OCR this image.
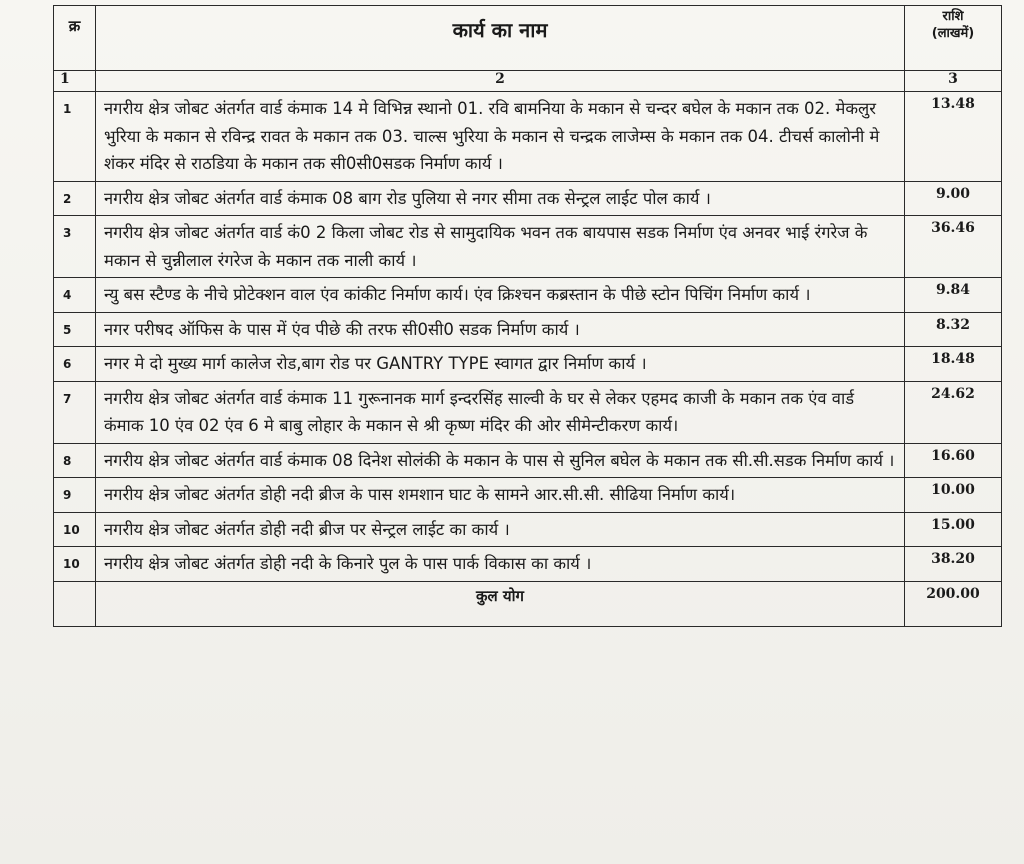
क्र	कार्य का नाम	राशि
(लाखमें)

1	2	3
1	नगरीय क्षेत्र जोबट अंतर्गत वार्ड कंमाक 14 मे विभिन्न स्थानो 01. रवि बामनिया के मकान से चन्दर बघेल के मकान तक 02. मेकलुर भुरिया के मकान से रविन्द्र रावत के मकान तक 03. चाल्स भुरिया के मकान से चन्द्रक लाजेम्स के मकान तक 04. टीचर्स कालोनी मे शंकर मंदिर से राठडिया के मकान तक सी0सी0सडक निर्माण कार्य ।	13.48
2	नगरीय क्षेत्र जोबट अंतर्गत वार्ड कंमाक 08 बाग रोड पुलिया से नगर सीमा तक सेन्ट्रल लाईट पोल कार्य ।	9.00
3	नगरीय क्षेत्र जोबट अंतर्गत वार्ड कं0 2 किला जोबट रोड से सामुदायिक भवन तक बायपास सडक निर्माण एंव अनवर भाई रंगरेज के मकान से चुन्नीलाल रंगरेज के मकान तक नाली कार्य ।	36.46
4	न्यु बस स्टैण्ड के नीचे प्रोटेक्शन वाल एंव कांकीट निर्माण कार्य। एंव क्रिश्चन कब्रस्तान के पीछे स्टोन पिचिंग निर्माण कार्य ।	9.84
5	नगर परीषद ऑफिस के पास में एंव पीछे की तरफ सी0सी0 सडक निर्माण कार्य ।	8.32
6	नगर मे दो मुख्य मार्ग कालेज रोड,बाग रोड पर GANTRY TYPE स्वागत द्वार निर्माण कार्य ।	18.48
7	नगरीय क्षेत्र जोबट अंतर्गत वार्ड कंमाक 11 गुरूनानक मार्ग इन्दरसिंह साल्वी के घर से लेकर एहमद काजी के मकान तक एंव वार्ड कंमाक 10 एंव 02 एंव 6 मे बाबु लोहार के मकान से श्री कृष्ण मंदिर की ओर सीमेन्टीकरण कार्य।	24.62
8	नगरीय क्षेत्र जोबट अंतर्गत वार्ड कंमाक 08 दिनेश सोलंकी के मकान के पास से सुनिल बघेल के मकान तक सी.सी.सडक निर्माण कार्य ।	16.60
9	नगरीय क्षेत्र जोबट अंतर्गत डोही नदी ब्रीज के पास शमशान घाट के सामने आर.सी.सी. सीढिया निर्माण कार्य।	10.00
10	नगरीय क्षेत्र जोबट अंतर्गत डोही नदी ब्रीज पर सेन्ट्रल लाईट का कार्य ।	15.00
10	नगरीय क्षेत्र जोबट अंतर्गत डोही नदी के किनारे पुल के पास पार्क विकास का कार्य ।	38.20
	कुल योग	200.00
